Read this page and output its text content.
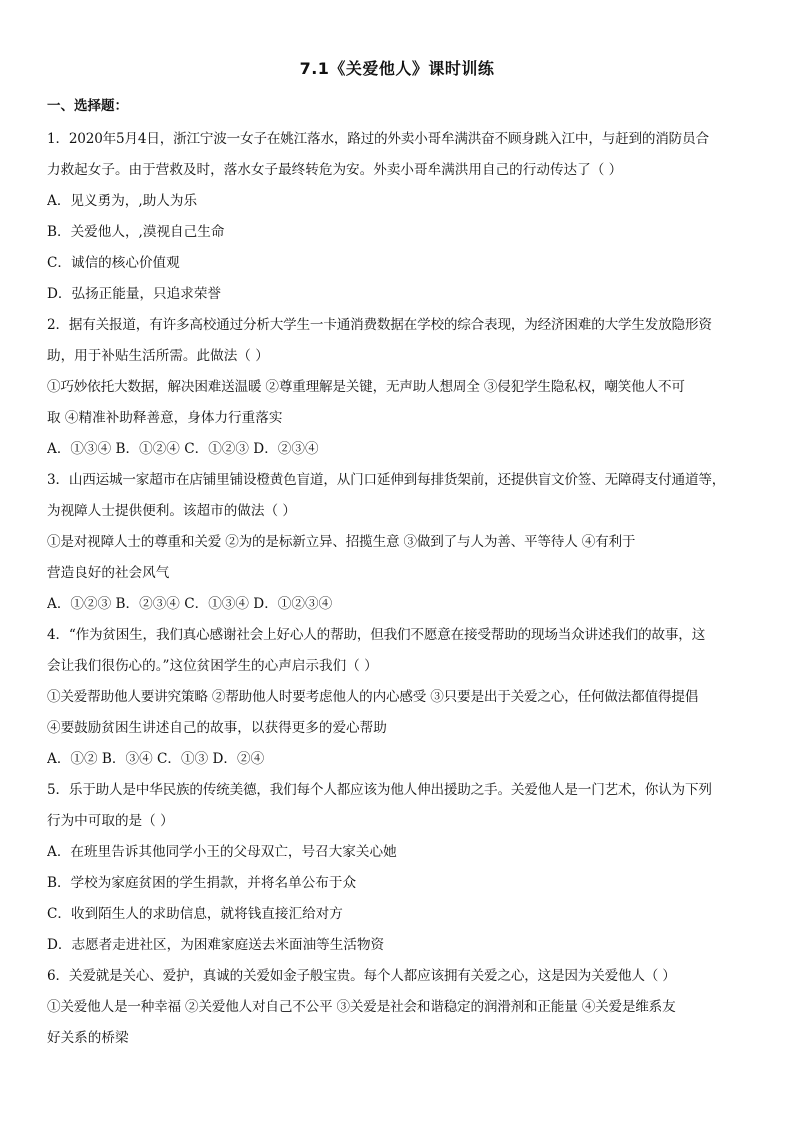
7.1《关爱他人》课时训练
一、选择题：
1．2020年5月4日，浙江宁波一女子在姚江落水，路过的外卖小哥牟满洪奋不顾身跳入江中，与赶到的消防员合
力救起女子。由于营救及时，落水女子最终转危为安。外卖小哥牟满洪用自己的行动传达了（ ）
A．见义勇为，,助人为乐
B．关爱他人，,漠视自己生命
C．诚信的核心价值观
D．弘扬正能量，只追求荣誉
2．据有关报道，有许多高校通过分析大学生一卡通消费数据在学校的综合表现，为经济困难的大学生发放隐形资
助，用于补贴生活所需。此做法（ ）
①巧妙依托大数据，解决困难送温暖 ②尊重理解是关键，无声助人想周全 ③侵犯学生隐私权，嘲笑他人不可
取 ④精准补助释善意，身体力行重落实
A．①③④ B．①②④ C．①②③ D．②③④
3．山西运城一家超市在店铺里铺设橙黄色盲道，从门口延伸到每排货架前，还提供盲文价签、无障碍支付通道等，
为视障人士提供便利。该超市的做法（ ）
①是对视障人士的尊重和关爱 ②为的是标新立异、招揽生意 ③做到了与人为善、平等待人 ④有利于
营造良好的社会风气
A．①②③ B．②③④ C．①③④ D．①②③④
4．“作为贫困生，我们真心感谢社会上好心人的帮助，但我们不愿意在接受帮助的现场当众讲述我们的故事，这
会让我们很伤心的。”这位贫困学生的心声启示我们（ ）
①关爱帮助他人要讲究策略 ②帮助他人时要考虑他人的内心感受 ③只要是出于关爱之心，任何做法都值得提倡
④要鼓励贫困生讲述自己的故事，以获得更多的爱心帮助
A．①② B．③④ C．①③ D．②④
5．乐于助人是中华民族的传统美德，我们每个人都应该为他人伸出援助之手。关爱他人是一门艺术，你认为下列
行为中可取的是（ ）
A．在班里告诉其他同学小王的父母双亡，号召大家关心她
B．学校为家庭贫困的学生捐款，并将名单公布于众
C．收到陌生人的求助信息，就将钱直接汇给对方
D．志愿者走进社区，为困难家庭送去米面油等生活物资
6．关爱就是关心、爱护，真诚的关爱如金子般宝贵。每个人都应该拥有关爱之心，这是因为关爱他人（ ）
①关爱他人是一种幸福 ②关爱他人对自己不公平 ③关爱是社会和谐稳定的润滑剂和正能量 ④关爱是维系友
好关系的桥梁
